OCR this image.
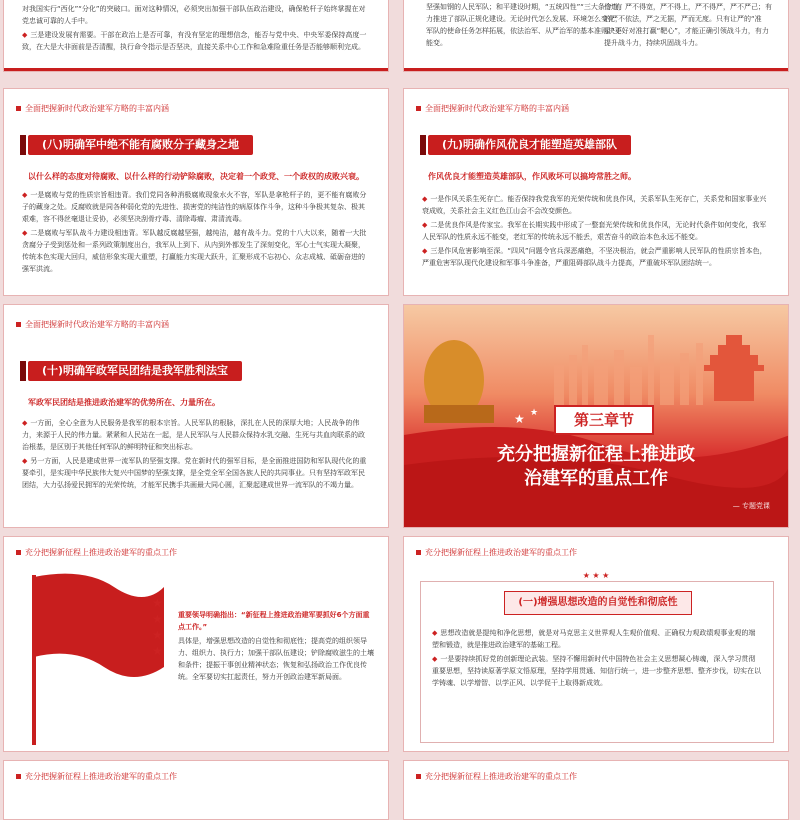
对我国实行“西化”“分化”的突破口。面对这种情况，必须突出加强干部队伍政治建设，确保枪杆子始终掌握在对党忠诚可靠的人手中。

◆ 三是建设发展有需要。干部在政治上是否可靠，有没有坚定的理想信念，能否与党中央、中央军委保持高度一致，在大是大非面前是否清醒，执行命令指示是否坚决，直接关系中心工作和急难险重任务是否能够顺利完成。

坚强如钢的人民军队；和平建设时期，“五统四性”“三大条令”有力推进了部队正规化建设。无论时代怎么发展、环境怎么变化，军队的使命任务怎样拓展，依法治军、从严治军的基本准则决不能变。

信道，严不得宽，严不得上，严不得严，严不严己；有的严不依法，严之无据，严而无度。只有让严的“准星”更好对准打赢“靶心”，才能正确引领战斗力，有力提升战斗力，持续巩固战斗力。

全面把握新时代政治建军方略的丰富内涵
(八)明确军中绝不能有腐败分子藏身之地
以什么样的态度对待腐败、以什么样的行动铲除腐败，决定着一个政党、一个政权的成败兴衰。

◆ 一是腐败与党的性质宗旨相违背。我们党同各种消极腐败现象水火不容，军队是拿枪杆子的，更不能有腐败分子的藏身之处。反腐败就是同各种弱化党的先进性、损害党的纯洁性的病原体作斗争，这种斗争极其复杂、极其艰难，容不得丝毫退让妥协，必须坚决刮骨疗毒、清除毒瘤、肃清流毒。

◆ 二是腐败与军队战斗力建设相违背。军队越反腐越坚强，越纯洁，越有战斗力。党的十八大以来，随着一大批贪腐分子受到惩处和一系列政策制度出台，我军从上到下、从内到外都发生了深刻变化，军心士气实现大凝聚，传统本色实现大回归，威信形象实现大重塑，打赢能力实现大跃升，汇聚形成不忘初心、众志成城、砥砺奋进的强军洪流。

全面把握新时代政治建军方略的丰富内涵
(九)明确作风优良才能塑造英雄部队
作风优良才能塑造英雄部队，作风败坏可以搞垮常胜之师。

◆ 一是作风关系生死存亡。能否保持我党我军的光荣传统和优良作风，关系军队生死存亡，关系党和国家事业兴衰成败，关系社会主义红色江山会不会改变颜色。

◆ 二是优良作风是传家宝。我军在长期实践中形成了一整套光荣传统和优良作风，无论时代条件如何变化，我军人民军队的性质永远不能变，老红军的传统永远不能丢，艰苦奋斗的政治本色永远不能变。

◆ 三是作风危害影响至深。“四风”问题令官兵深恶痛绝，不坚决根治，就会严重影响人民军队的性质宗旨本色，严重危害军队现代化建设和军事斗争准备，严重阻碍部队战斗力提高，严重破坏军队团结统一。

全面把握新时代政治建军方略的丰富内涵
(十)明确军政军民团结是我军胜利法宝
军政军民团结是推进政治建军的优势所在、力量所在。

◆ 一方面，全心全意为人民服务是我军的根本宗旨。人民军队的根脉，深扎在人民的深厚大地；人民战争的伟力，来源于人民的伟力量。紧紧和人民站在一起，是人民军队与人民群众保持水乳交融、生死与共血肉联系的政治根基，是区别于其他任何军队的鲜明特征和突出标志。

◆ 另一方面，人民是建成世界一流军队的坚强支撑。党在新时代的强军目标，是全面推进国防和军队现代化的重要牵引，是实现中华民族伟大复兴中国梦的坚强支撑，是全党全军全国各族人民的共同事业。只有坚持军政军民团结，大力弘扬爱民拥军的光荣传统，才能军民携手共画最大同心圆，汇聚起建成世界一流军队的不竭力量。

★ ★	第三章节
充分把握新征程上推进政
治建军的重点工作
— 专题党课
充分把握新征程上推进政治建军的重点工作
★
★
★
★

重要领导明确指出：“新征程上推进政治建军要抓好6个方面重点工作。”

具体是，增强思想改造的自觉性和彻底性；提高党的组织领导力、组织力、执行力；加强干部队伍建设；铲除腐败滋生的土壤和条件；提振干事创业精神状态；恢复和弘扬政治工作优良传统。全军要切实扛起责任，努力开创政治建军新局面。

充分把握新征程上推进政治建军的重点工作
★ ★ ★
(一)增强思想改造的自觉性和彻底性

◆ 思想改造就是提纯和净化思想，就是对马克思主义世界观人生观价值观、正确权力观政绩观事业观的端塑和锻造，就是推进政治建军的基础工程。

◆ 一是要持续抓好党的创新理论武装。坚持不懈用新时代中国特色社会主义思想凝心铸魂，深入学习贯彻重要思想，坚持读原著学原文悟原理，坚持学用贯通、知信行统一，进一步整齐思想、整齐步伐，切实在以学铸魂、以学增智、以学正风、以学促干上取得新成效。

充分把握新征程上推进政治建军的重点工作	充分把握新征程上推进政治建军的重点工作
